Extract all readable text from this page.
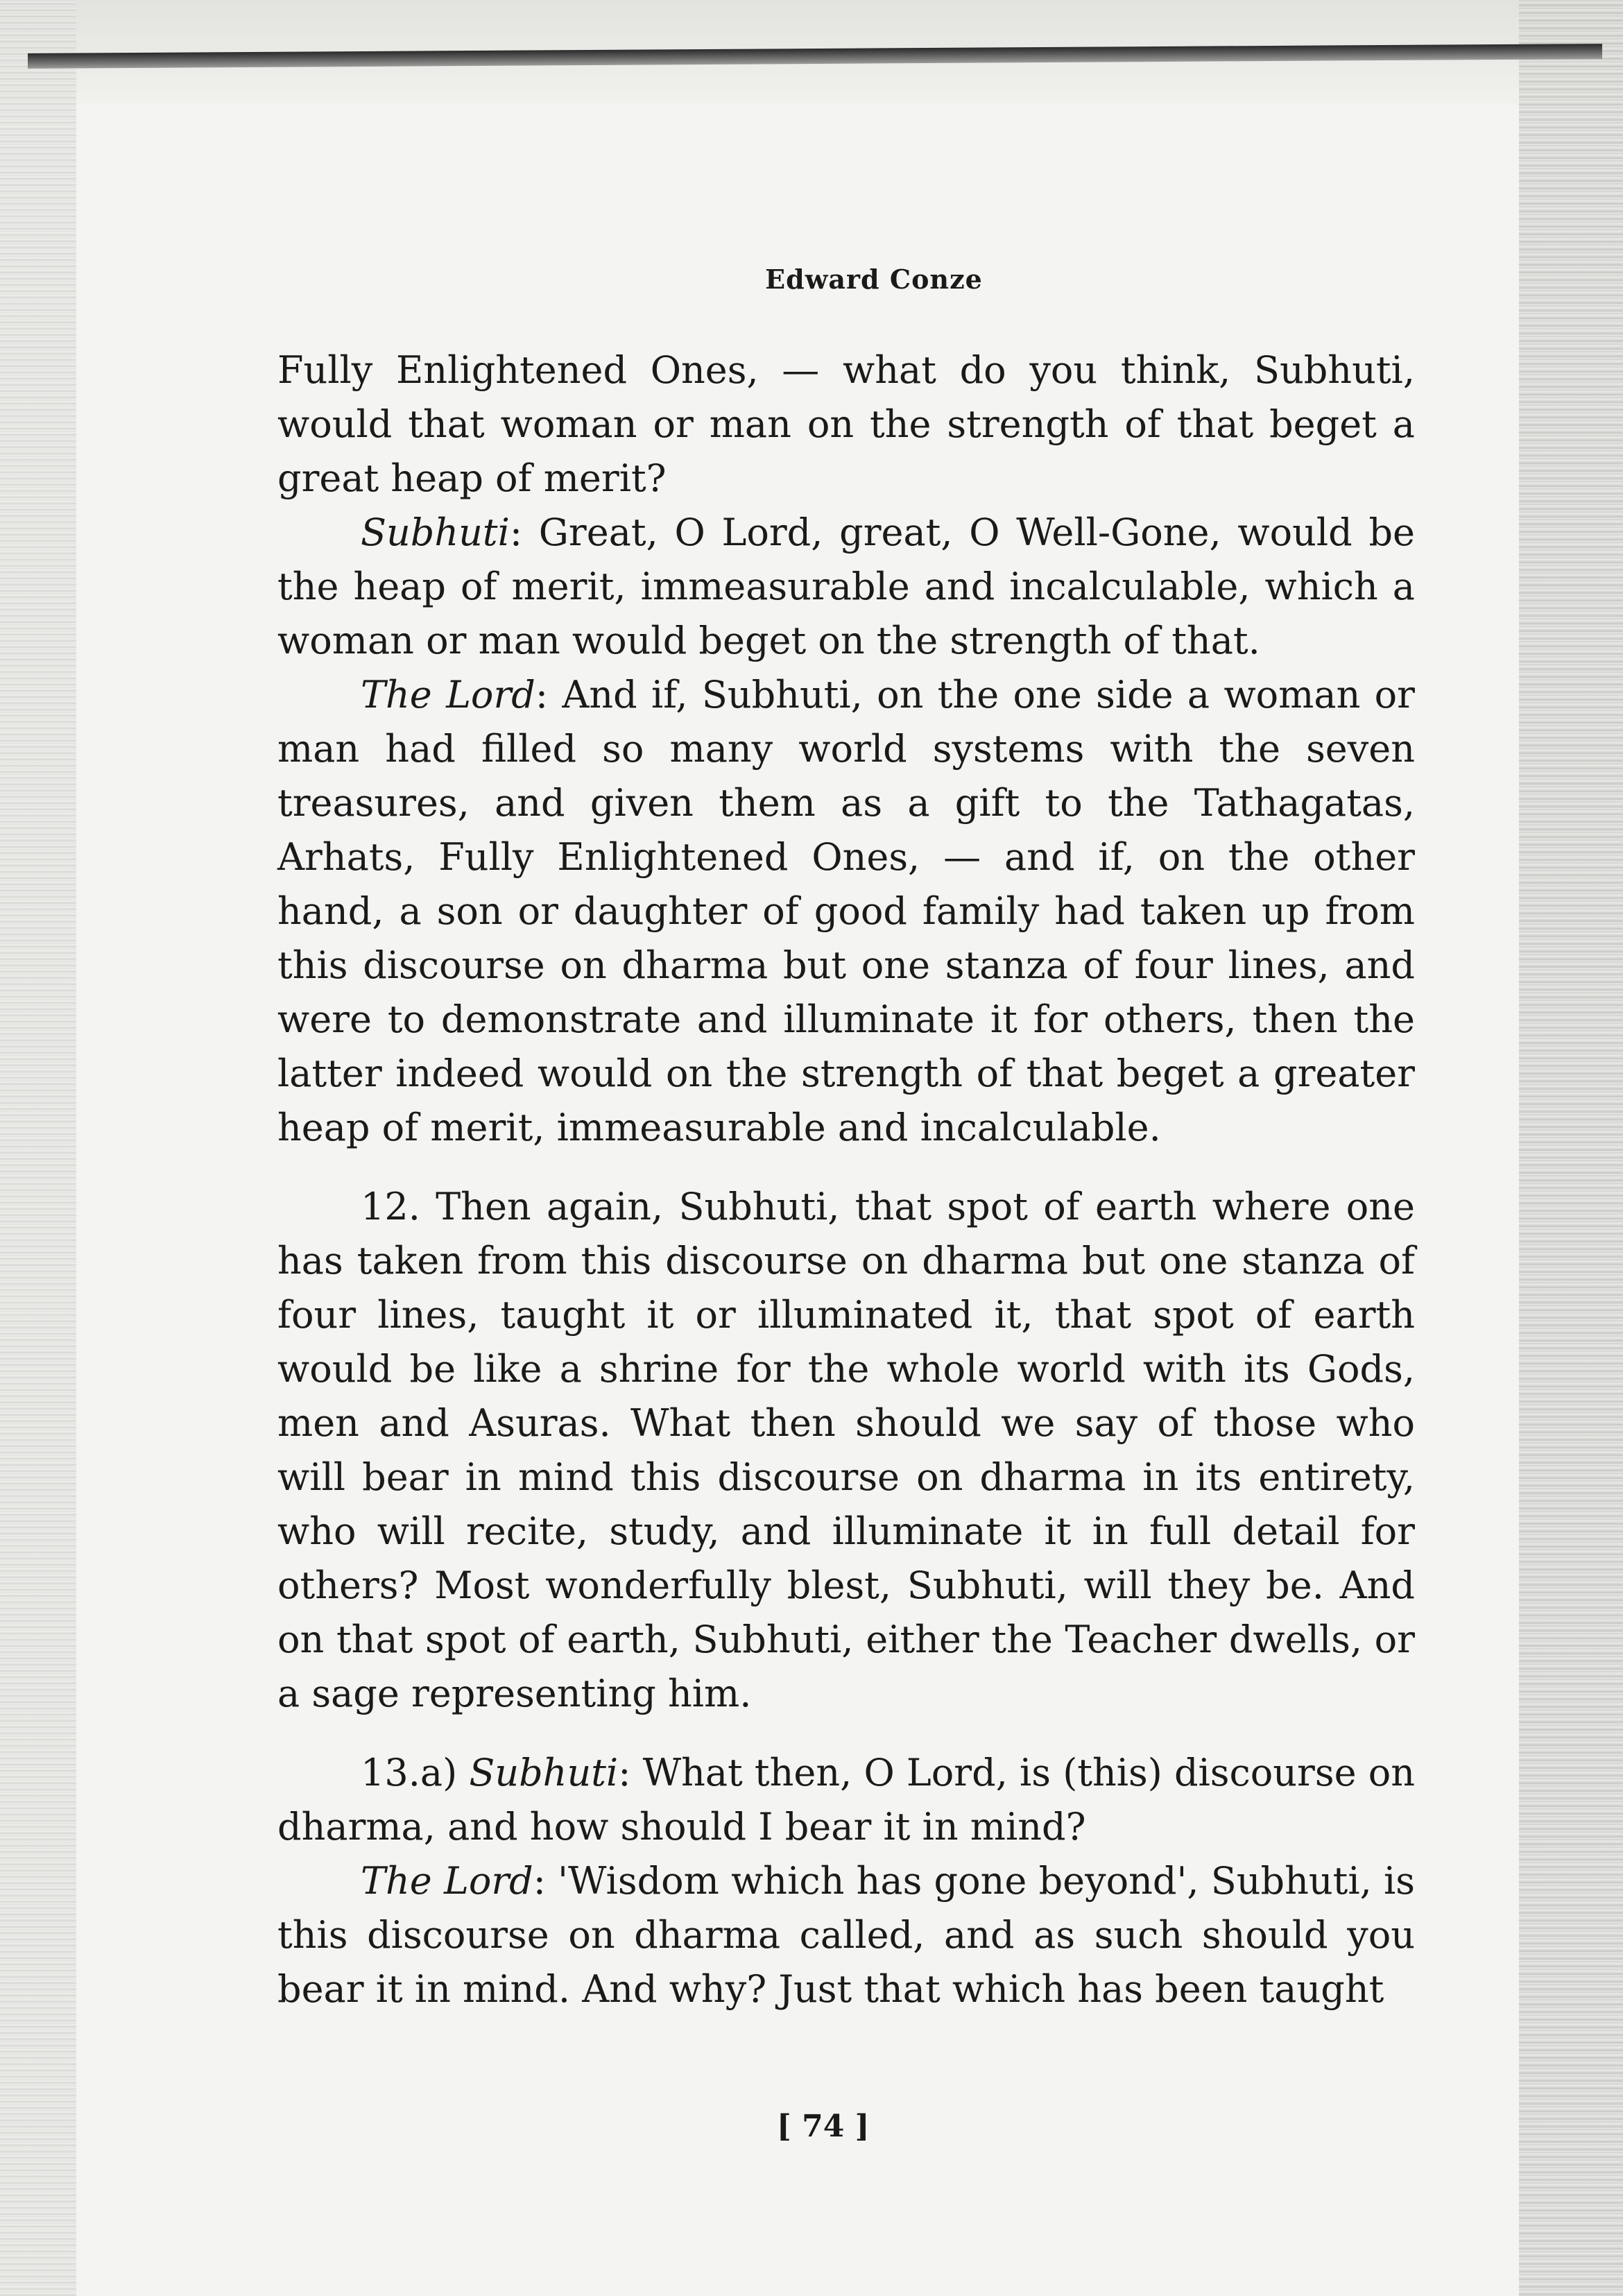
Edward Conze

Fully Enlightened Ones, — what do you think, Subhuti, would that woman or man on the strength of that beget a great heap of merit?

Subhuti: Great, O Lord, great, O Well-Gone, would be the heap of merit, immeasurable and incalculable, which a woman or man would beget on the strength of that.

The Lord: And if, Subhuti, on the one side a woman or man had filled so many world systems with the seven treasures, and given them as a gift to the Tathagatas, Arhats, Fully Enlightened Ones, — and if, on the other hand, a son or daughter of good family had taken up from this discourse on dharma but one stanza of four lines, and were to demonstrate and illuminate it for others, then the latter indeed would on the strength of that beget a greater heap of merit, immeasurable and incalculable.

12. Then again, Subhuti, that spot of earth where one has taken from this discourse on dharma but one stanza of four lines, taught it or illuminated it, that spot of earth would be like a shrine for the whole world with its Gods, men and Asuras. What then should we say of those who will bear in mind this discourse on dharma in its entirety, who will recite, study, and illuminate it in full detail for others? Most wonderfully blest, Subhuti, will they be. And on that spot of earth, Subhuti, either the Teacher dwells, or a sage representing him.

13.a) Subhuti: What then, O Lord, is (this) discourse on dharma, and how should I bear it in mind?

The Lord: 'Wisdom which has gone beyond', Subhuti, is this discourse on dharma called, and as such should you bear it in mind. And why? Just that which has been taught

[ 74 ]
